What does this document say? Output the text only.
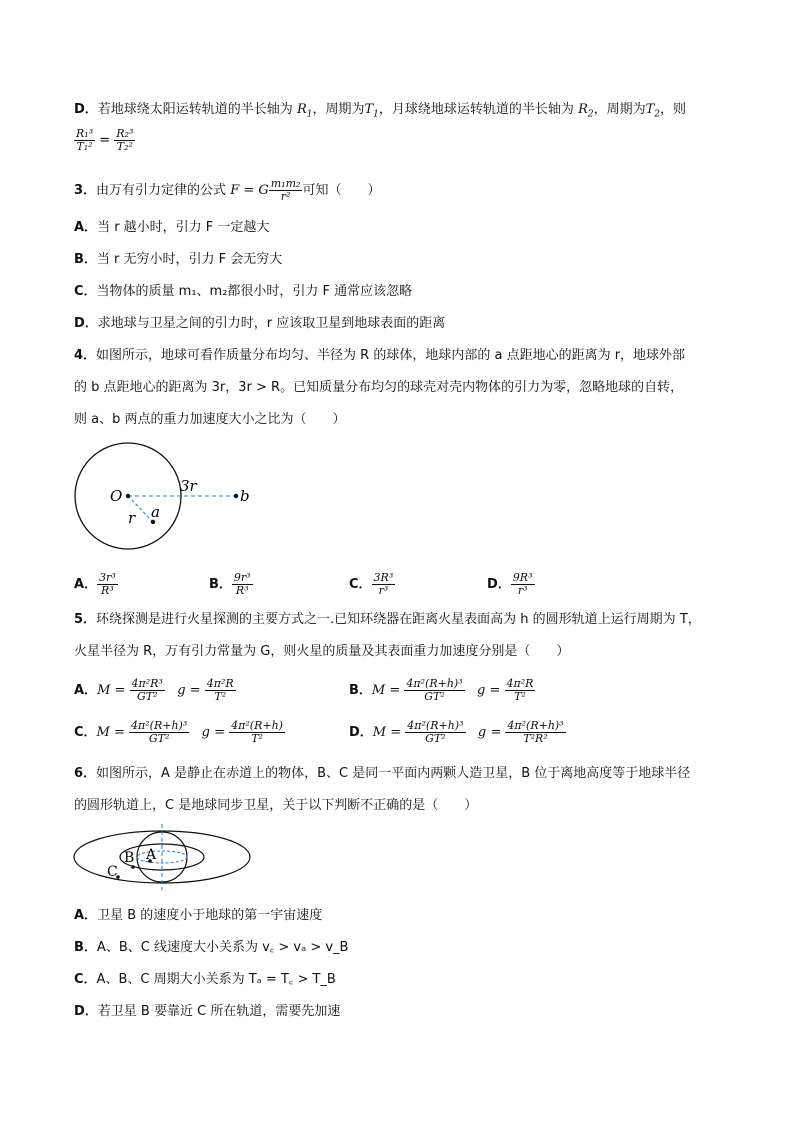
D．若地球绕太阳运转轨道的半长轴为 $R_1$，周期为$T_1$，月球绕地球运转轨道的半长轴为 $R_2$，周期为$T_2$，则
$\frac{\text{R₁³}}{\text{T₁²}} = \frac{\text{R₂³}}{\text{T₂²}}$
3．由万有引力定律的公式 F = G $\frac{\text{m₁m₂}}{\text{r²}}$ 可知（　　）
A．当 r 越小时，引力 F 一定越大
B．当 r 无穷小时，引力 F 会无穷大
C．当物体的质量 m₁、m₂都很小时，引力 F 通常应该忽略
D．求地球与卫星之间的引力时，r 应该取卫星到地球表面的距离
4．如图所示，地球可看作质量分布均匀、半径为 R 的球体，地球内部的 a 点距地心的距离为 r，地球外部
的 b 点距地心的距离为 3r，3r > R。已知质量分布均匀的球壳对壳内物体的引力为零，忽略地球的自转，
则 a、b 两点的重力加速度大小之比为（　　）
O
3r
b
r a
A． $\frac{\text{3r³}}{\text{R³}}$	B． $\frac{\text{9r³}}{\text{R³}}$	C． $\frac{\text{3R³}}{\text{r³}}$	D． $\frac{\text{9R³}}{\text{r³}}$
5．环绕探测是进行火星探测的主要方式之一.已知环绕器在距离火星表面高为 h 的圆形轨道上运行周期为 T，
火星半径为 R，万有引力常量为 G，则火星的质量及其表面重力加速度分别是（　　）
A．$M = \frac{\text{4π²R³}}{\text{GT²}}$ $g = \frac{\text{4π²R}}{\text{T²}}$	B．$M = \frac{\text{4π²(R+h)³}}{\text{GT²}}$ $g = \frac{\text{4π²R}}{\text{T²}}$
C．$M = \frac{\text{4π²(R+h)³}}{\text{GT²}}$ $g = \frac{\text{4π²(R+h)}}{\text{T²}}$	D．$M = \frac{\text{4π²(R+h)³}}{\text{GT²}}$ $g = \frac{\text{4π²(R+h)³}}{\text{T²R²}}$
6．如图所示，A 是静止在赤道上的物体，B、C 是同一平面内两颗人造卫星，B 位于离地高度等于地球半径
的圆形轨道上，C 是地球同步卫星，关于以下判断不正确的是（　　）
A
B
C
A．卫星 B 的速度小于地球的第一宇宙速度
B．A、B、C 线速度大小关系为 v꜀ > vₐ > v_B
C．A、B、C 周期大小关系为 Tₐ = T꜀ > T_B
D．若卫星 B 要靠近 C 所在轨道，需要先加速
